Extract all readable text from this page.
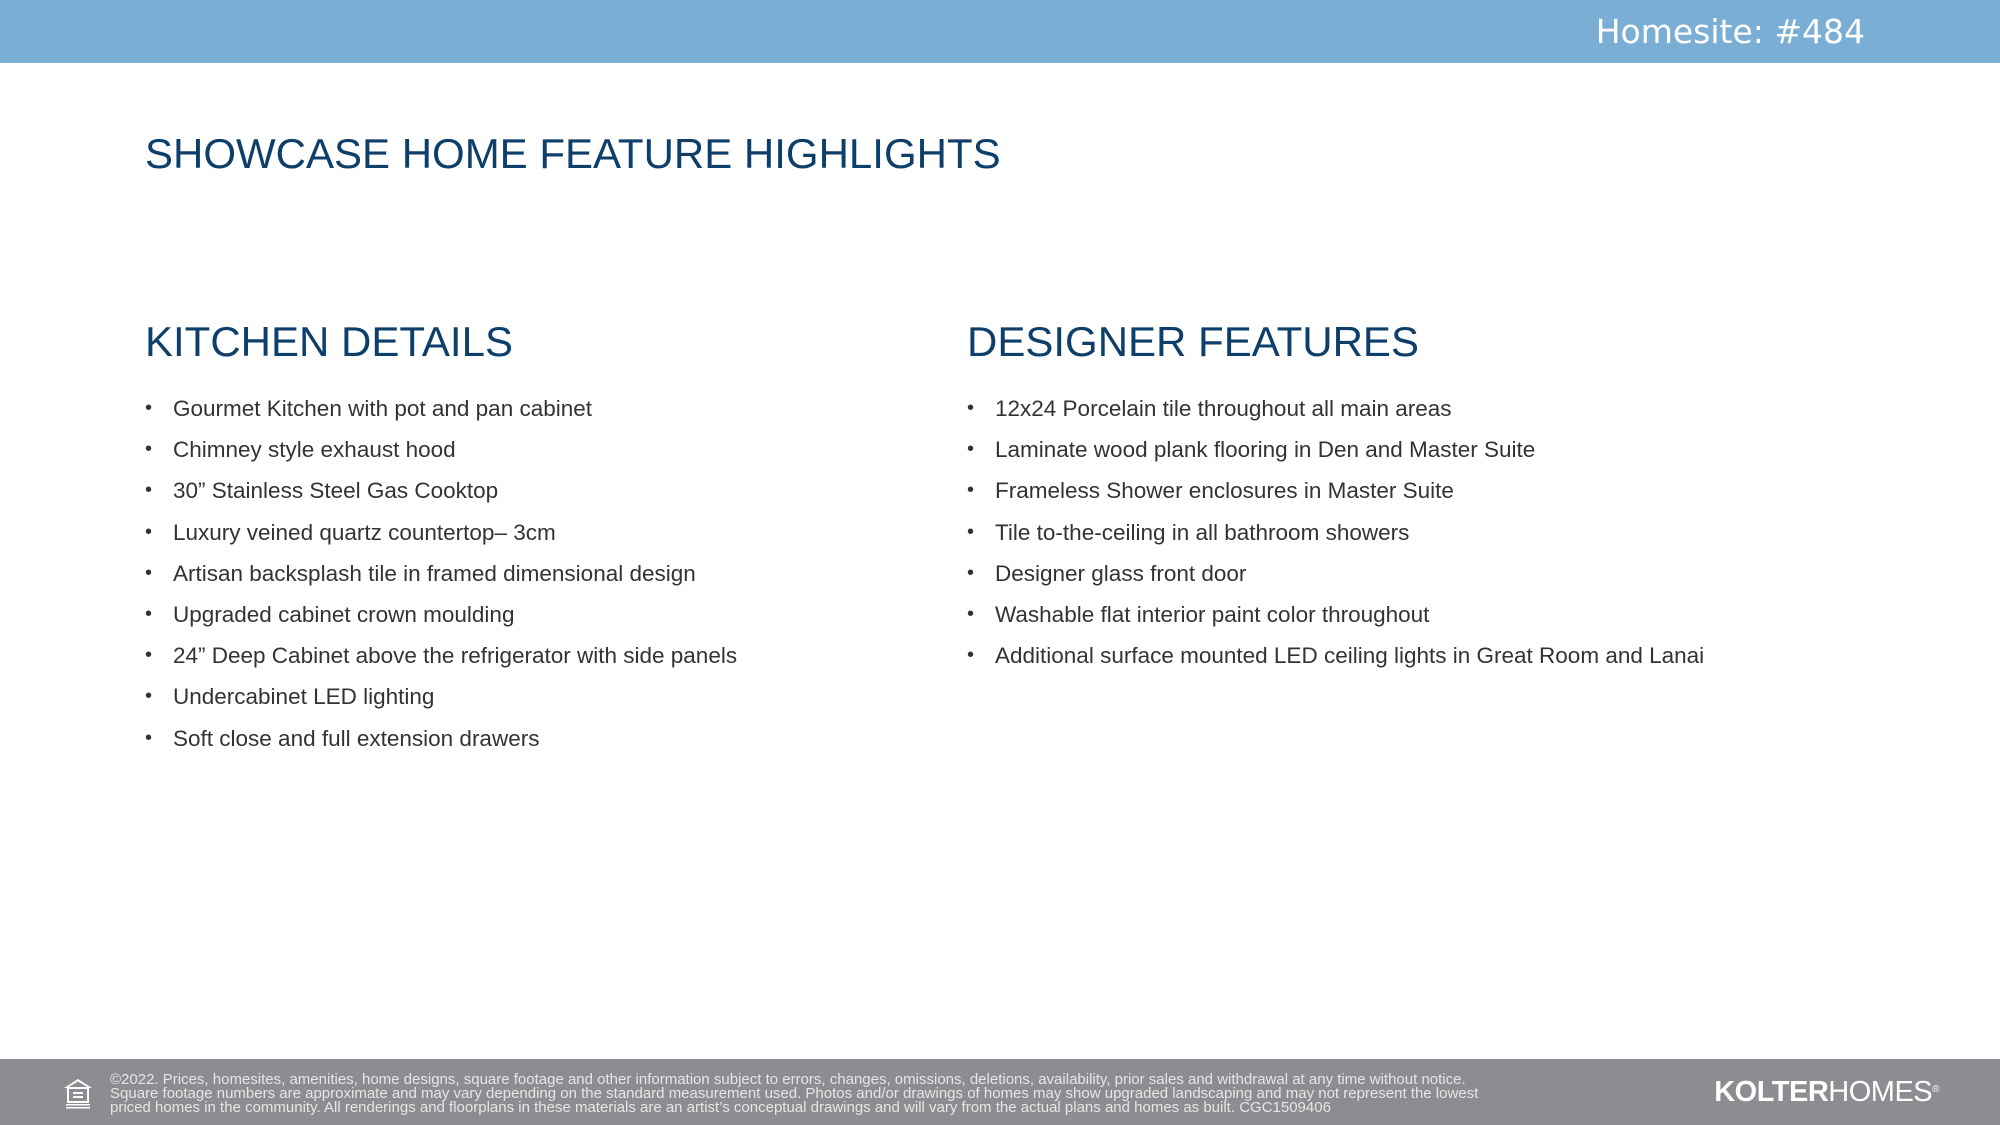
Homesite: #484
SHOWCASE HOME FEATURE HIGHLIGHTS
KITCHEN DETAILS
• Gourmet Kitchen with pot and pan cabinet
• Chimney style exhaust hood
• 30” Stainless Steel Gas Cooktop
• Luxury veined quartz countertop– 3cm
• Artisan backsplash tile in framed dimensional design
• Upgraded cabinet crown moulding
• 24” Deep Cabinet above the refrigerator with side panels
• Undercabinet LED lighting
• Soft close and full extension drawers
DESIGNER FEATURES
• 12x24 Porcelain tile throughout all main areas
• Laminate wood plank flooring in Den and Master Suite
• Frameless Shower enclosures in Master Suite
• Tile to-the-ceiling in all bathroom showers
• Designer glass front door
• Washable flat interior paint color throughout
• Additional surface mounted LED ceiling lights in Great Room and Lanai
©2022. Prices, homesites, amenities, home designs, square footage and other information subject to errors, changes, omissions, deletions, availability, prior sales and withdrawal at any time without notice.
Square footage numbers are approximate and may vary depending on the standard measurement used. Photos and/or drawings of homes may show upgraded landscaping and may not represent the lowest
priced homes in the community. All renderings and floorplans in these materials are an artist’s conceptual drawings and will vary from the actual plans and homes as built. CGC1509406	KOLTERHOMES®
